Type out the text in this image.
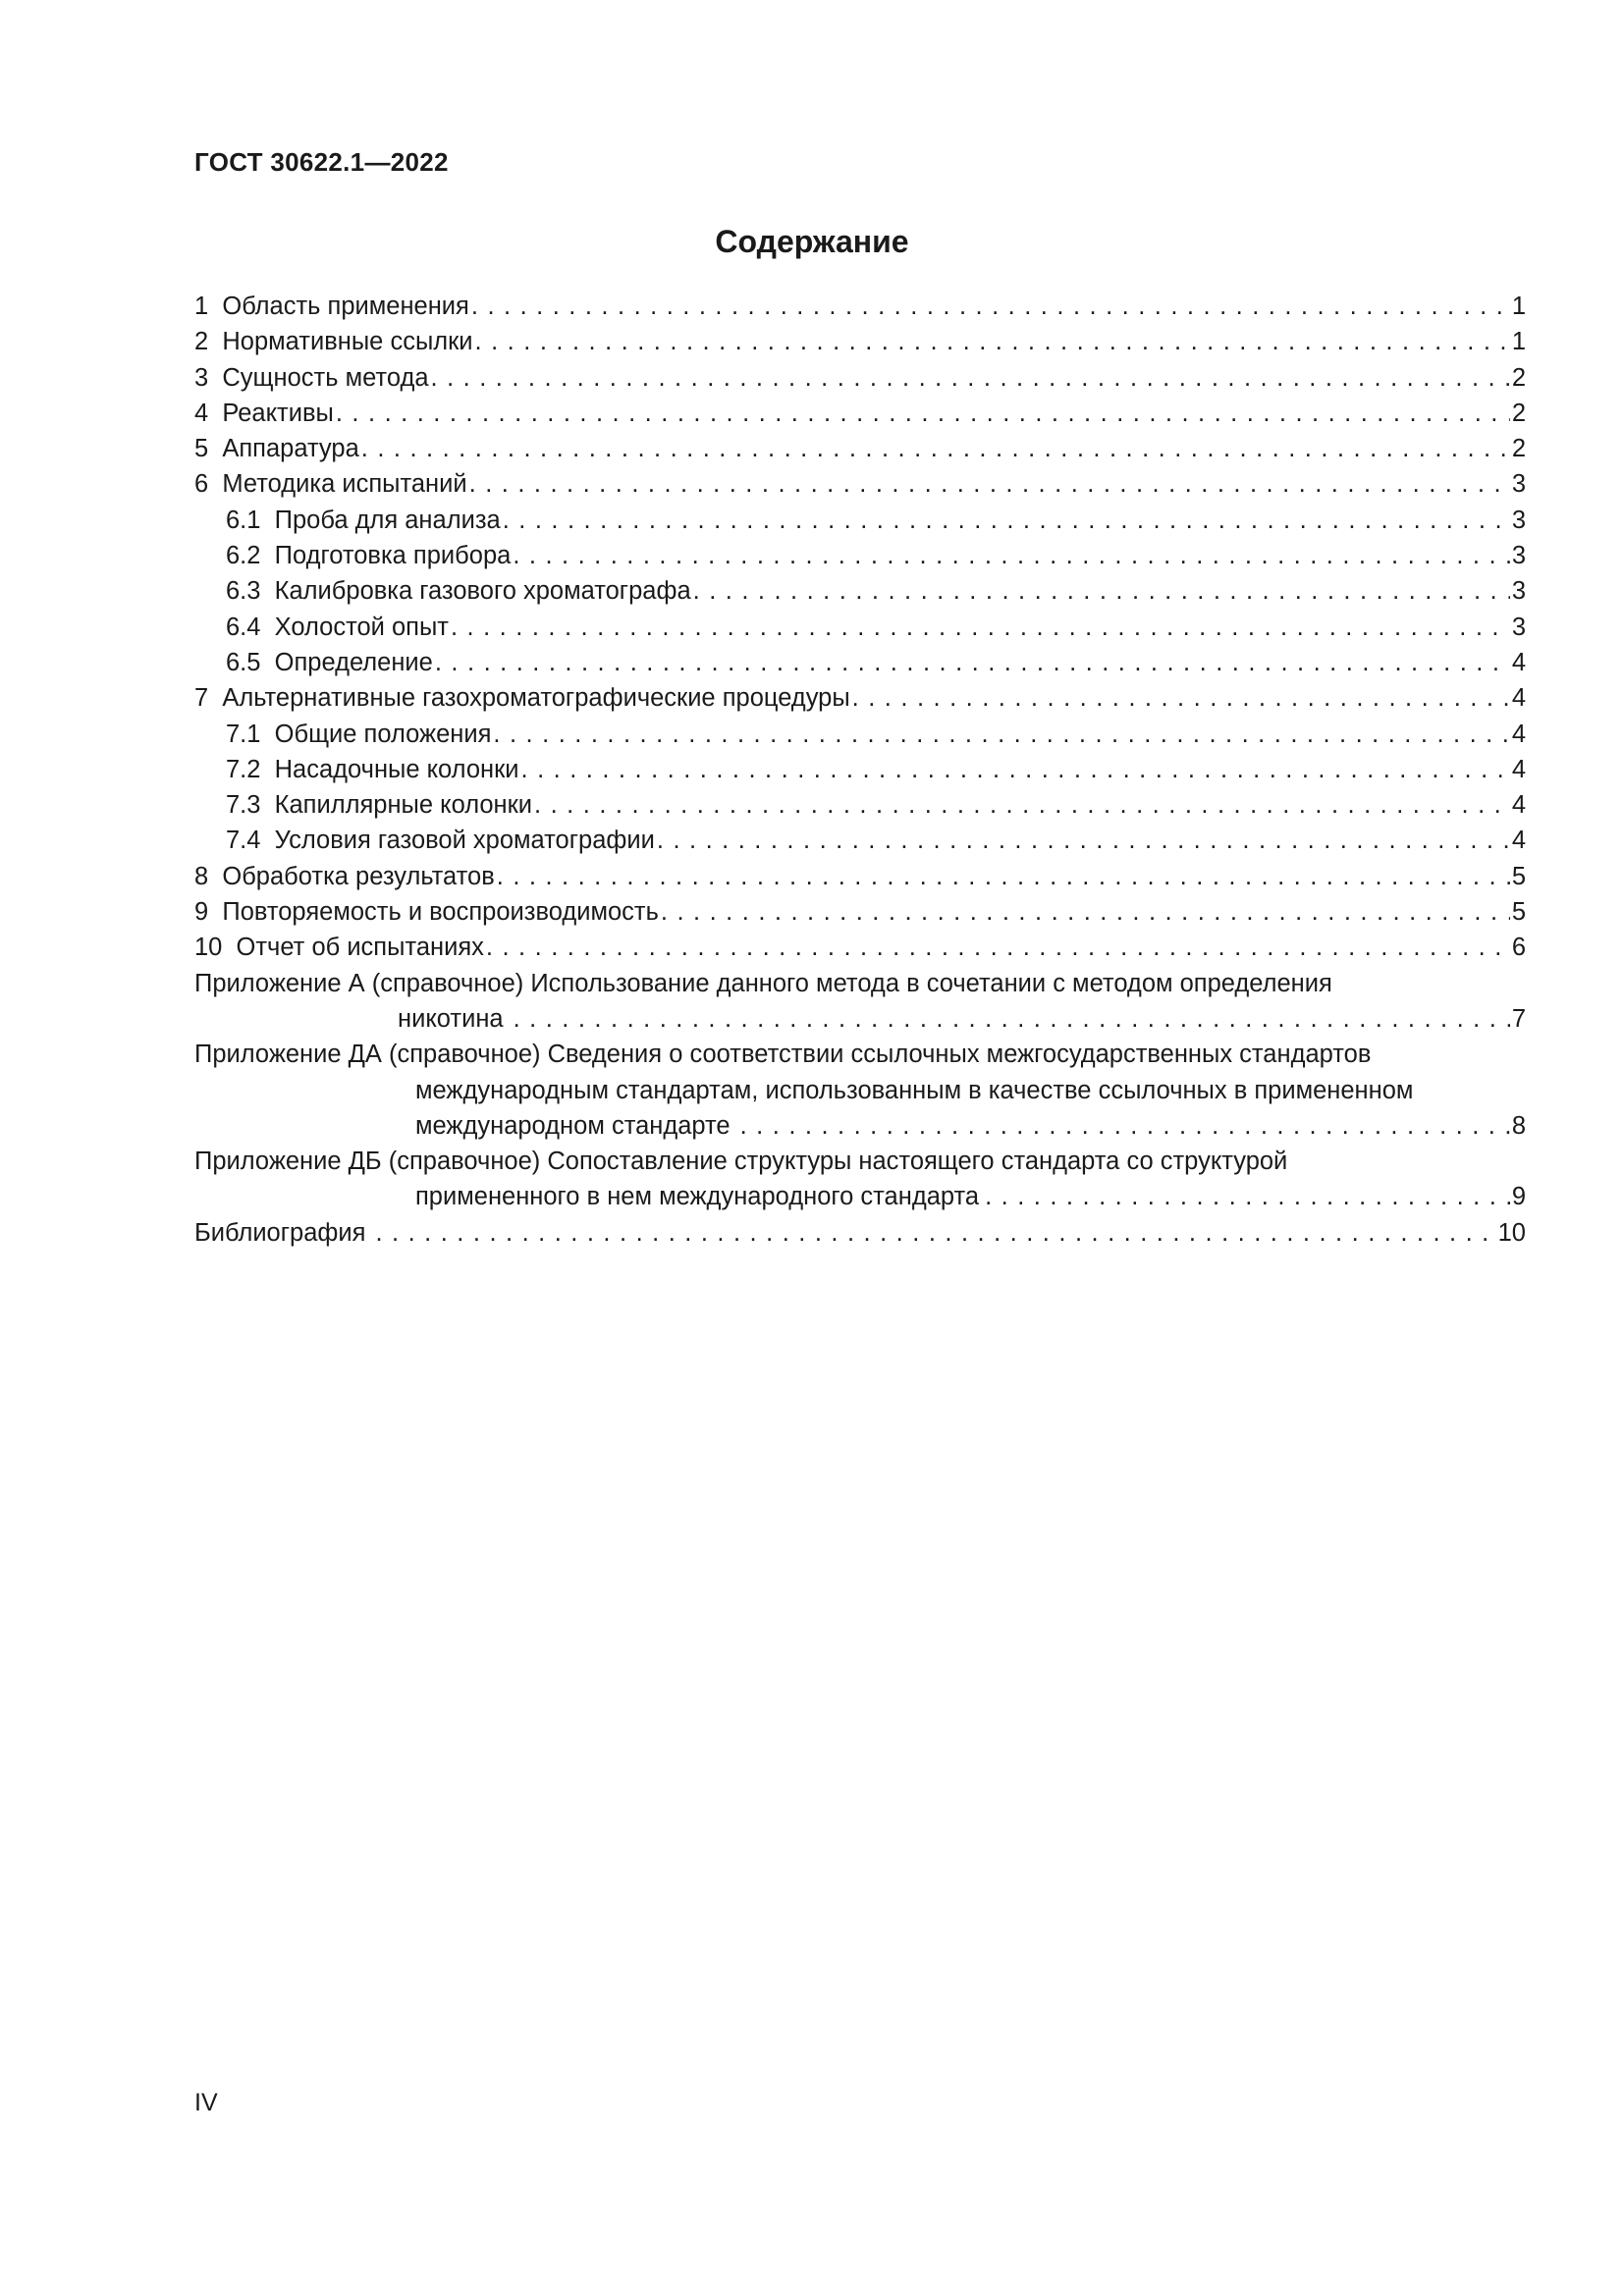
ГОСТ 30622.1—2022
Содержание
1 Область применения . . .	1
2 Нормативные ссылки . . .	1
3 Сущность метода . . .	2
4 Реактивы . . .	2
5 Аппаратура . . .	2
6 Методика испытаний . . .	3
6.1 Проба для анализа . . .	3
6.2 Подготовка прибора . . .	3
6.3 Калибровка газового хроматографа . . .	3
6.4 Холостой опыт . . .	3
6.5 Определение . . .	4
7 Альтернативные газохроматографические процедуры . . .	4
7.1 Общие положения . . .	4
7.2 Насадочные колонки . . .	4
7.3 Капиллярные колонки . . .	4
7.4 Условия газовой хроматографии . . .	4
8 Обработка результатов . . .	5
9 Повторяемость и воспроизводимость . . .	5
10 Отчет об испытаниях . . .	6
Приложение А (справочное) Использование данного метода в сочетании с методом определения
никотина . . .	7
Приложение ДА (справочное) Сведения о соответствии ссылочных межгосударственных стандартов
международным стандартам, использованным в качестве ссылочных в примененном
международном стандарте . . .	8
Приложение ДБ (справочное) Сопоставление структуры настоящего стандарта со структурой
примененного в нем международного стандарта . . .	9
Библиография . . .	10
IV
